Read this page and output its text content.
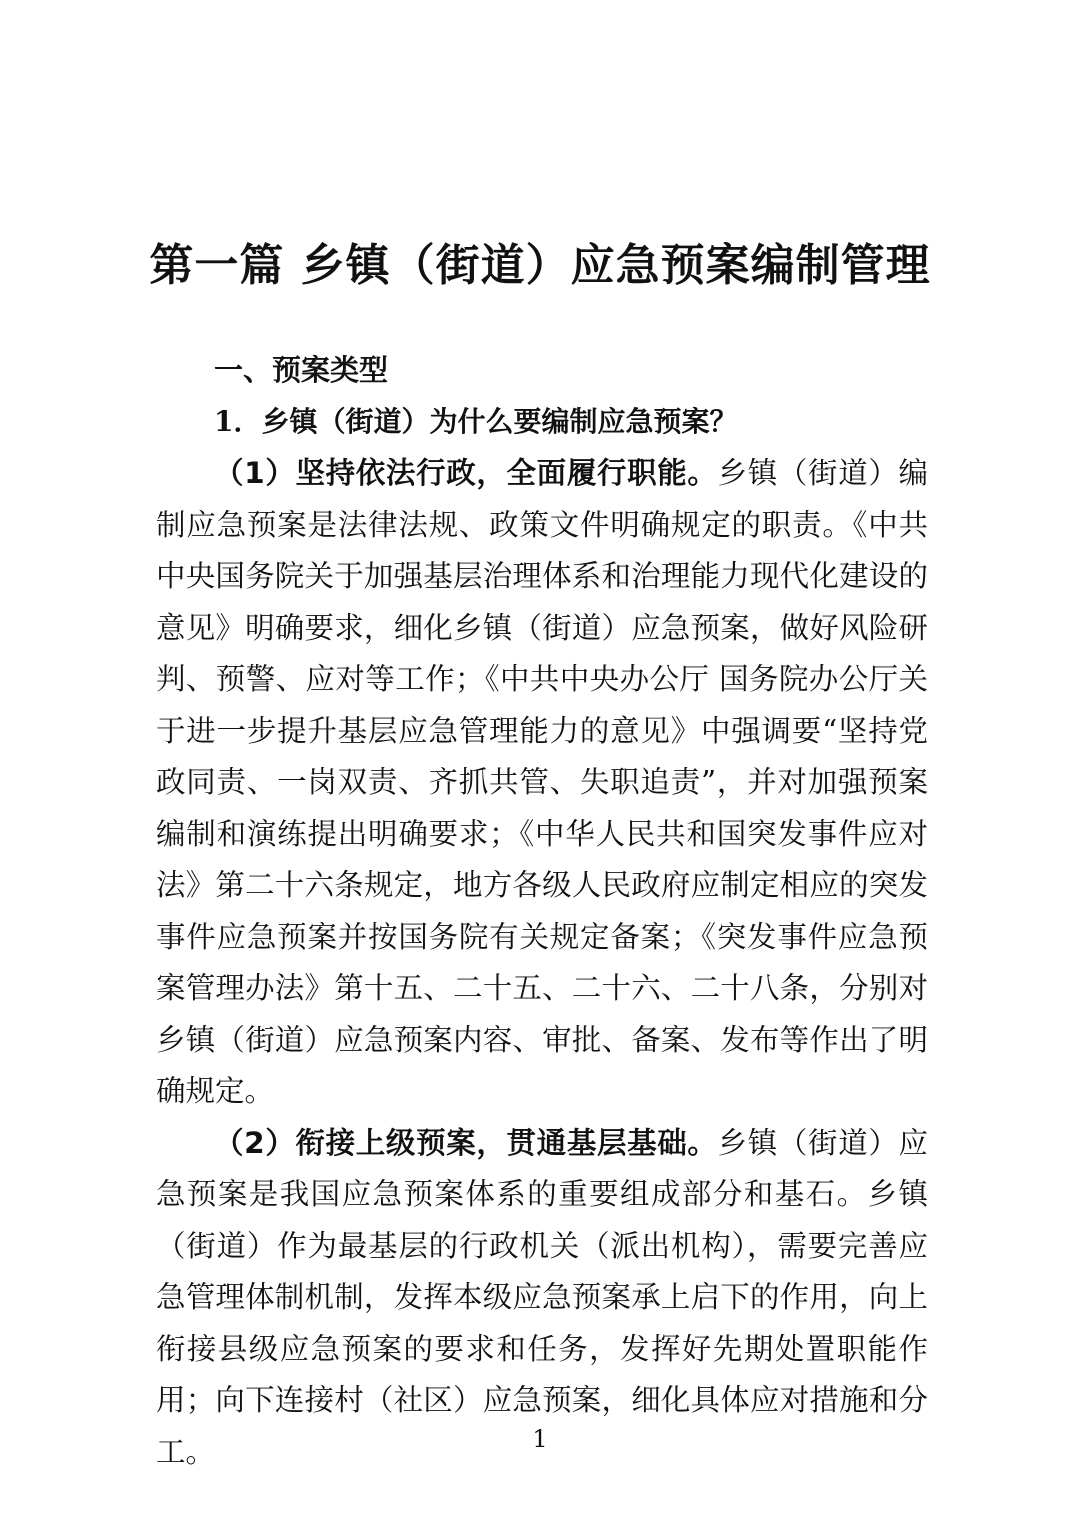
第一篇 乡镇（街道）应急预案编制管理
一、预案类型
1．乡镇（街道）为什么要编制应急预案？

（1）坚持依法行政，全面履行职能。乡镇（街道）编制应急预案是法律法规、政策文件明确规定的职责。《中共中央国务院关于加强基层治理体系和治理能力现代化建设的意见》明确要求，细化乡镇（街道）应急预案，做好风险研判、预警、应对等工作；《中共中央办公厅 国务院办公厅关于进一步提升基层应急管理能力的意见》中强调要“坚持党政同责、一岗双责、齐抓共管、失职追责”，并对加强预案编制和演练提出明确要求；《中华人民共和国突发事件应对法》第二十六条规定，地方各级人民政府应制定相应的突发事件应急预案并按国务院有关规定备案；《突发事件应急预案管理办法》第十五、二十五、二十六、二十八条，分别对乡镇（街道）应急预案内容、审批、备案、发布等作出了明确规定。

（2）衔接上级预案，贯通基层基础。乡镇（街道）应急预案是我国应急预案体系的重要组成部分和基石。乡镇（街道）作为最基层的行政机关（派出机构），需要完善应急管理体制机制，发挥本级应急预案承上启下的作用，向上衔接县级应急预案的要求和任务，发挥好先期处置职能作用；向下连接村（社区）应急预案，细化具体应对措施和分工。	1
